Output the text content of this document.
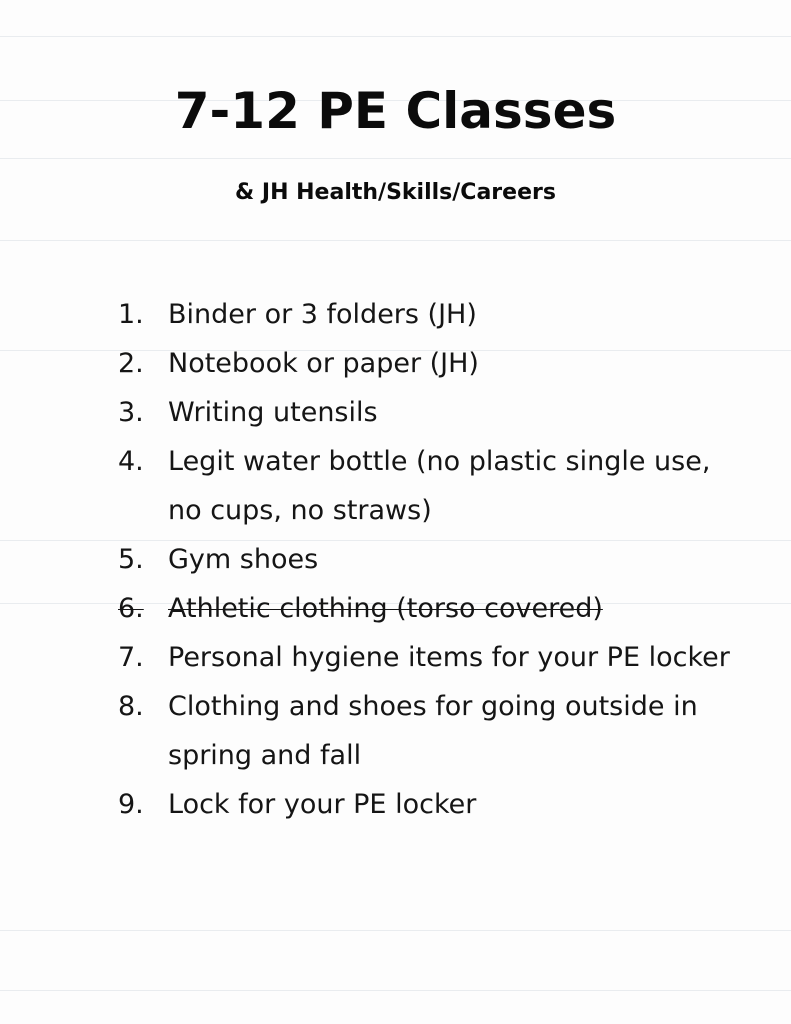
7-12 PE Classes
& JH Health/Skills/Careers
1. Binder or 3 folders (JH)
2. Notebook or paper (JH)
3. Writing utensils
4. Legit water bottle (no plastic single use, no cups, no straws)
5. Gym shoes
6. Athletic clothing (torso covered)
7. Personal hygiene items for your PE locker
8. Clothing and shoes for going outside in spring and fall
9. Lock for your PE locker
